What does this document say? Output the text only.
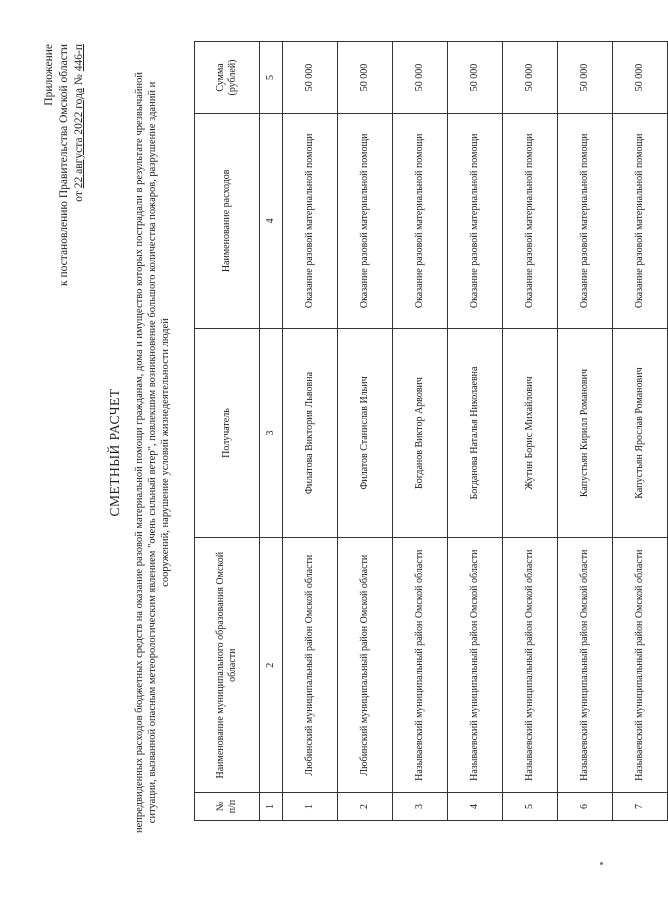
Приложение к постановлению Правительства Омской области от 22 августа 2022 года № 446-п
СМЕТНЫЙ РАСЧЕТ непредвиденных расходов бюджетных средств на оказание разовой материальной помощи гражданам, дома и имущество которых пострадали в результате чрезвычайной ситуации, вызванной опасным метеорологическим явлением "очень сильный ветер", повлекшим возникновение большого количества пожаров, разрушение зданий и сооружений, нарушение условий жизнедеятельности людей
№ п/п	Наименование муниципального образования Омской области	Получатель	Наименование расходов	Сумма (рублей)
1	2	3	4	5
1	Любинский муниципальный район Омской области	Филатова Виктория Львовна	Оказание разовой материальной помощи	50 000
2	Любинский муниципальный район Омской области	Филатов Станислав Ильич	Оказание разовой материальной помощи	50 000
3	Называевский муниципальный район Омской области	Богданов Виктор Арвович	Оказание разовой материальной помощи	50 000
4	Называевский муниципальный район Омской области	Богданова Наталья Николаевна	Оказание разовой материальной помощи	50 000
5	Называевский муниципальный район Омской области	Жутин Борис Михайлович	Оказание разовой материальной помощи	50 000
6	Называевский муниципальный район Омской области	Капустьян Кирилл Романович	Оказание разовой материальной помощи	50 000
7	Называевский муниципальный район Омской области	Капустьян Ярослав Романович	Оказание разовой материальной помощи	50 000
